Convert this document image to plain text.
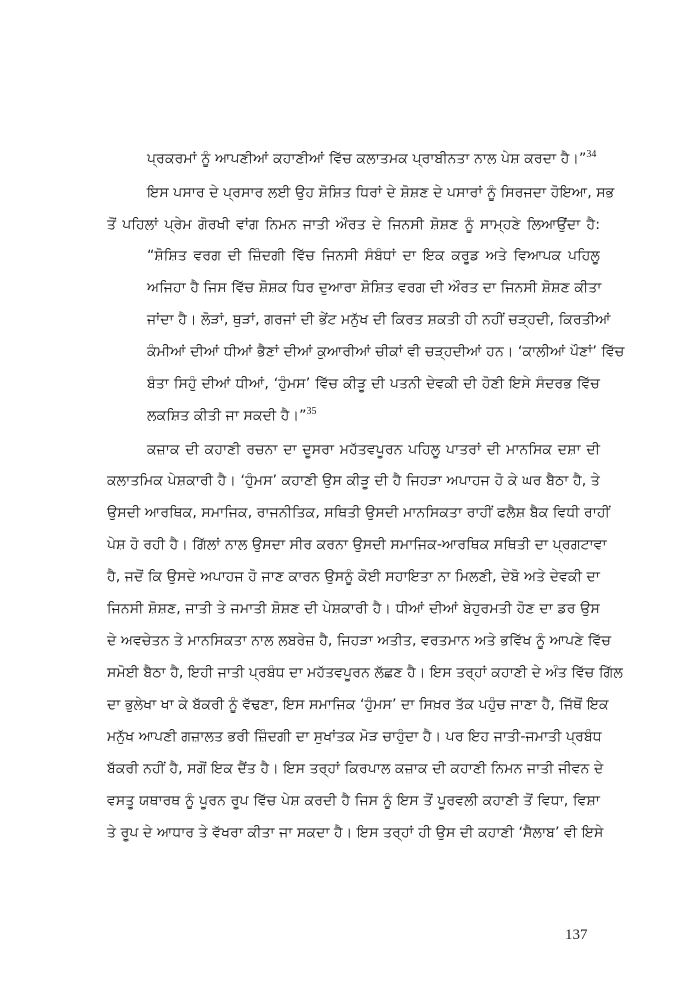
ਪ੍ਰਕਰਮਾਂ ਨੂੰ ਆਪਣੀਆਂ ਕਹਾਣੀਆਂ ਵਿੱਚ ਕਲਾਤਮਕ ਪ੍ਰਾਬੀਨਤਾ ਨਾਲ ਪੇਸ਼ ਕਰਦਾ ਹੈ।”$^{34}$
ਇਸ ਪਸਾਰ ਦੇ ਪ੍ਰਸਾਰ ਲਈ ਉਹ ਸ਼ੋਸ਼ਿਤ ਧਿਰਾਂ ਦੇ ਸ਼ੋਸ਼ਣ ਦੇ ਪਸਾਰਾਂ ਨੂੰ ਸਿਰਜਦਾ ਹੋਇਆ, ਸਭ
ਤੋਂ ਪਹਿਲਾਂ ਪ੍ਰੇਮ ਗੋਰਖੀ ਵਾਂਗ ਨਿਮਨ ਜਾਤੀ ਔਰਤ ਦੇ ਜਿਨਸੀ ਸ਼ੋਸ਼ਣ ਨੂੰ ਸਾਮ੍ਹਣੇ ਲਿਆਉਂਦਾ ਹੈ:
“ਸ਼ੋਸ਼ਿਤ ਵਰਗ ਦੀ ਜ਼ਿੰਦਗੀ ਵਿੱਚ ਜਿਨਸੀ ਸੰਬੰਧਾਂ ਦਾ ਇਕ ਕਰੂਡ ਅਤੇ ਵਿਆਪਕ ਪਹਿਲੂ
ਅਜਿਹਾ ਹੈ ਜਿਸ ਵਿੱਚ ਸ਼ੋਸ਼ਕ ਧਿਰ ਦੁਆਰਾ ਸ਼ੋਸ਼ਿਤ ਵਰਗ ਦੀ ਔਰਤ ਦਾ ਜਿਨਸੀ ਸ਼ੋਸ਼ਣ ਕੀਤਾ
ਜਾਂਦਾ ਹੈ। ਲੋੜਾਂ, ਥੁੜਾਂ, ਗਰਜਾਂ ਦੀ ਭੇਂਟ ਮਨੁੱਖ ਦੀ ਕਿਰਤ ਸ਼ਕਤੀ ਹੀ ਨਹੀਂ ਚੜ੍ਹਦੀ, ਕਿਰਤੀਆਂ
ਕੰਮੀਆਂ ਦੀਆਂ ਧੀਆਂ ਭੈਣਾਂ ਦੀਆਂ ਕੁਆਰੀਆਂ ਚੀਕਾਂ ਵੀ ਚੜ੍ਹਦੀਆਂ ਹਨ। ‘ਕਾਲੀਆਂ ਪੌਣਾਂ’ ਵਿੱਚ
ਬੰਤਾ ਸਿਹੁੰ ਦੀਆਂ ਧੀਆਂ, ‘ਹੁੰਮਸ’ ਵਿੱਚ ਕੀੜੂ ਦੀ ਪਤਨੀ ਦੇਵਕੀ ਦੀ ਹੋਣੀ ਇਸੇ ਸੰਦਰਭ ਵਿੱਚ
ਲਕਸ਼ਿਤ ਕੀਤੀ ਜਾ ਸਕਦੀ ਹੈ।”$^{35}$
ਕਜ਼ਾਕ ਦੀ ਕਹਾਣੀ ਰਚਨਾ ਦਾ ਦੂਸਰਾ ਮਹੱਤਵਪੂਰਨ ਪਹਿਲੂ ਪਾਤਰਾਂ ਦੀ ਮਾਨਸਿਕ ਦਸ਼ਾ ਦੀ
ਕਲਾਤਮਿਕ ਪੇਸ਼ਕਾਰੀ ਹੈ। ‘ਹੁੰਮਸ’ ਕਹਾਣੀ ਉਸ ਕੀੜੂ ਦੀ ਹੈ ਜਿਹੜਾ ਅਪਾਹਜ ਹੋ ਕੇ ਘਰ ਬੈਠਾ ਹੈ, ਤੇ
ਉਸਦੀ ਆਰਥਿਕ, ਸਮਾਜਿਕ, ਰਾਜਨੀਤਿਕ, ਸਥਿਤੀ ਉਸਦੀ ਮਾਨਸਿਕਤਾ ਰਾਹੀਂ ਫਲੈਸ਼ ਬੈਕ ਵਿਧੀ ਰਾਹੀਂ
ਪੇਸ਼ ਹੋ ਰਹੀ ਹੈ। ਗਿੱਲਾਂ ਨਾਲ ਉਸਦਾ ਸੀਰ ਕਰਨਾ ਉਸਦੀ ਸਮਾਜਿਕ-ਆਰਥਿਕ ਸਥਿਤੀ ਦਾ ਪ੍ਰਗਟਾਵਾ
ਹੈ, ਜਦੋਂ ਕਿ ਉਸਦੇ ਅਪਾਹਜ ਹੋ ਜਾਣ ਕਾਰਨ ਉਸਨੂੰ ਕੋਈ ਸਹਾਇਤਾ ਨਾ ਮਿਲਣੀ, ਦੇਬੋ ਅਤੇ ਦੇਵਕੀ ਦਾ
ਜਿਨਸੀ ਸ਼ੋਸ਼ਣ, ਜਾਤੀ ਤੇ ਜਮਾਤੀ ਸ਼ੋਸ਼ਣ ਦੀ ਪੇਸ਼ਕਾਰੀ ਹੈ। ਧੀਆਂ ਦੀਆਂ ਬੇਹੁਰਮਤੀ ਹੋਣ ਦਾ ਡਰ ਉਸ
ਦੇ ਅਵਚੇਤਨ ਤੇ ਮਾਨਸਿਕਤਾ ਨਾਲ ਲਬਰੇਜ਼ ਹੈ, ਜਿਹੜਾ ਅਤੀਤ, ਵਰਤਮਾਨ ਅਤੇ ਭਵਿੱਖ ਨੂੰ ਆਪਣੇ ਵਿੱਚ
ਸਮੋਈ ਬੈਠਾ ਹੈ, ਇਹੀ ਜਾਤੀ ਪ੍ਰਬੰਧ ਦਾ ਮਹੱਤਵਪੂਰਨ ਲੱਛਣ ਹੈ। ਇਸ ਤਰ੍ਹਾਂ ਕਹਾਣੀ ਦੇ ਅੰਤ ਵਿੱਚ ਗਿੱਲ
ਦਾ ਭੁਲੇਖਾ ਖਾ ਕੇ ਬੱਕਰੀ ਨੂੰ ਵੱਢਣਾ, ਇਸ ਸਮਾਜਿਕ ‘ਹੁੰਮਸ’ ਦਾ ਸਿਖ਼ਰ ਤੱਕ ਪਹੁੰਚ ਜਾਣਾ ਹੈ, ਜਿੱਥੋਂ ਇਕ
ਮਨੁੱਖ ਆਪਣੀ ਗਜ਼ਾਲਤ ਭਰੀ ਜ਼ਿੰਦਗੀ ਦਾ ਸੁਖਾਂਤਕ ਮੋੜ ਚਾਹੁੰਦਾ ਹੈ। ਪਰ ਇਹ ਜਾਤੀ-ਜਮਾਤੀ ਪ੍ਰਬੰਧ
ਬੱਕਰੀ ਨਹੀਂ ਹੈ, ਸਗੋਂ ਇਕ ਦੈਂਤ ਹੈ। ਇਸ ਤਰ੍ਹਾਂ ਕਿਰਪਾਲ ਕਜ਼ਾਕ ਦੀ ਕਹਾਣੀ ਨਿਮਨ ਜਾਤੀ ਜੀਵਨ ਦੇ
ਵਸਤੂ ਯਥਾਰਥ ਨੂੰ ਪੂਰਨ ਰੂਪ ਵਿੱਚ ਪੇਸ਼ ਕਰਦੀ ਹੈ ਜਿਸ ਨੂੰ ਇਸ ਤੋਂ ਪੂਰਵਲੀ ਕਹਾਣੀ ਤੋਂ ਵਿਧਾ, ਵਿਸ਼ਾ
ਤੇ ਰੂਪ ਦੇ ਆਧਾਰ ਤੇ ਵੱਖਰਾ ਕੀਤਾ ਜਾ ਸਕਦਾ ਹੈ। ਇਸ ਤਰ੍ਹਾਂ ਹੀ ਉਸ ਦੀ ਕਹਾਣੀ ‘ਸੈਲਾਬ’ ਵੀ ਇਸੇ
137
